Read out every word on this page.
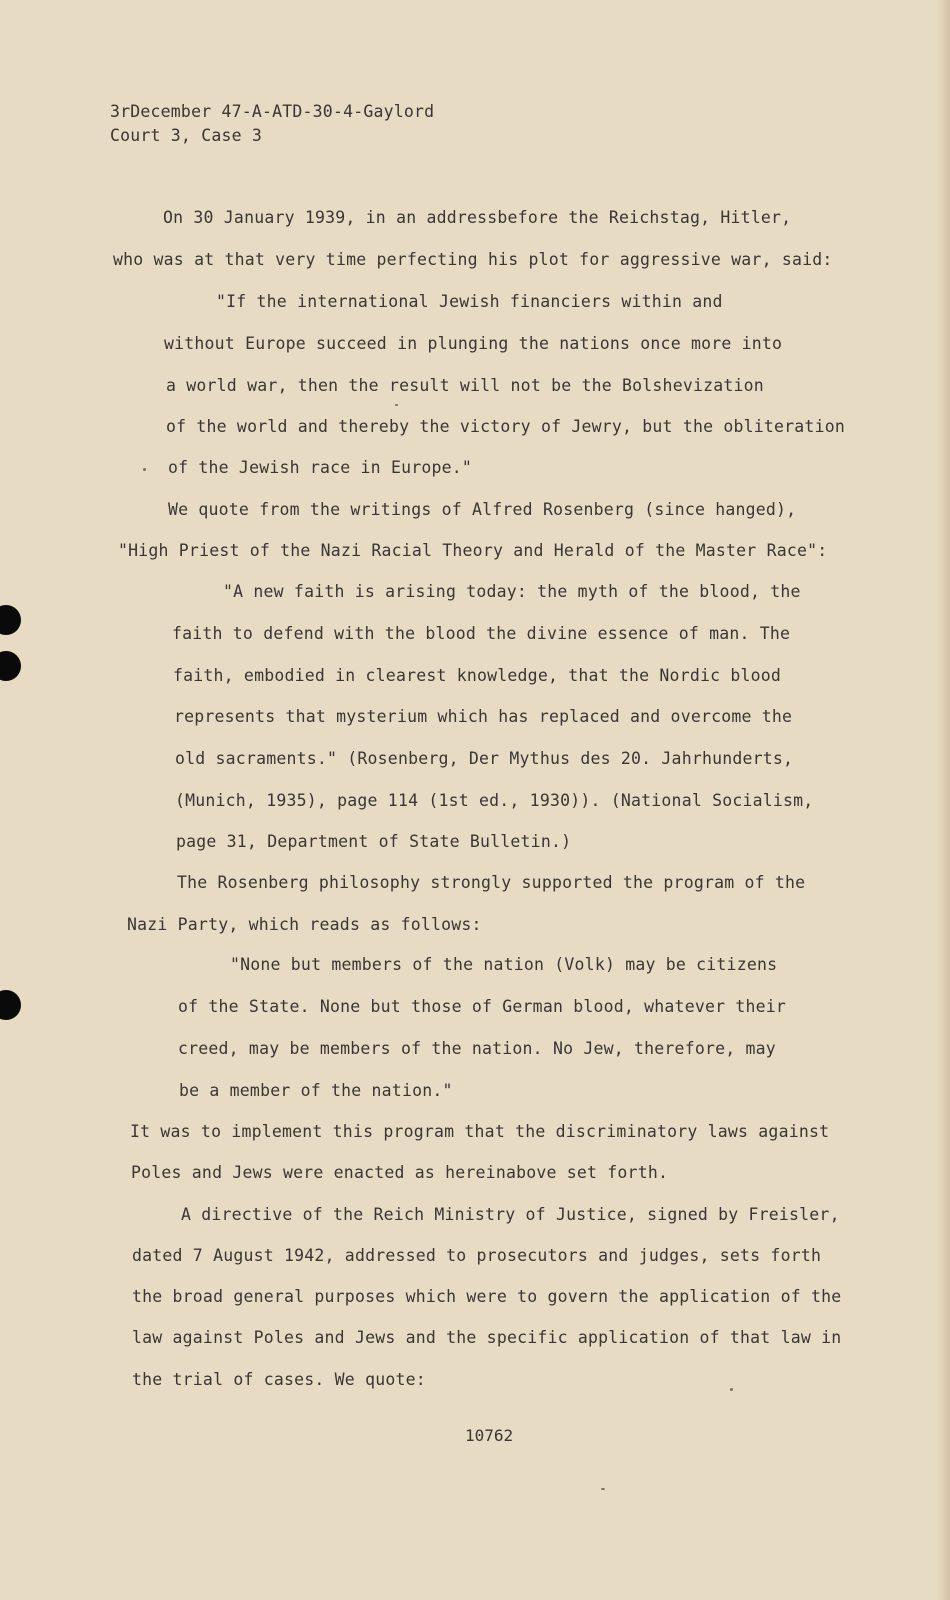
3rDecember 47-A-ATD-30-4-Gaylord
Court 3, Case 3
On 30 January 1939, in an addressbefore the Reichstag, Hitler,
who was at that very time perfecting his plot for aggressive war, said:
"If the international Jewish financiers within and
without Europe succeed in plunging the nations once more into
a world war, then the result will not be the Bolshevization
of the world and thereby the victory of Jewry, but the obliteration
of the Jewish race in Europe."
We quote from the writings of Alfred Rosenberg (since hanged),
"High Priest of the Nazi Racial Theory and Herald of the Master Race":
"A new faith is arising today: the myth of the blood, the
faith to defend with the blood the divine essence of man. The
faith, embodied in clearest knowledge, that the Nordic blood
represents that mysterium which has replaced and overcome the
old sacraments." (Rosenberg, Der Mythus des 20. Jahrhunderts,
(Munich, 1935), page 114 (1st ed., 1930)). (National Socialism,
page 31, Department of State Bulletin.)
The Rosenberg philosophy strongly supported the program of the
Nazi Party, which reads as follows:
"None but members of the nation (Volk) may be citizens
of the State. None but those of German blood, whatever their
creed, may be members of the nation. No Jew, therefore, may
be a member of the nation."
It was to implement this program that the discriminatory laws against
Poles and Jews were enacted as hereinabove set forth.
A directive of the Reich Ministry of Justice, signed by Freisler,
dated 7 August 1942, addressed to prosecutors and judges, sets forth
the broad general purposes which were to govern the application of the
law against Poles and Jews and the specific application of that law in
the trial of cases. We quote:
10762
